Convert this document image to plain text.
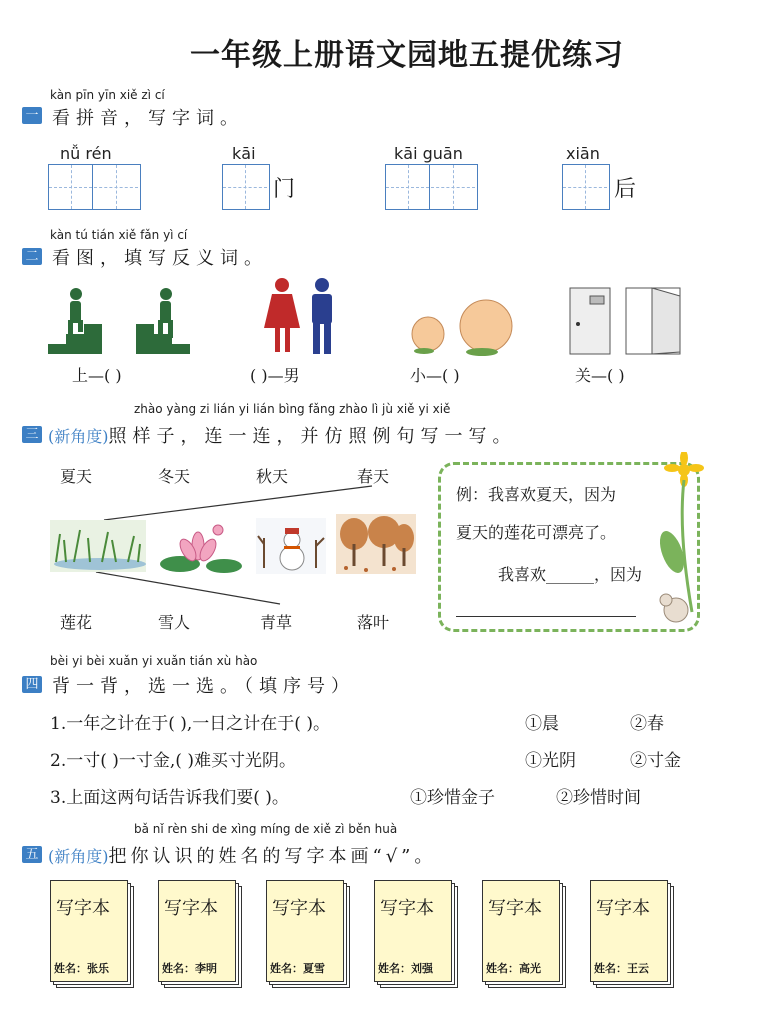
一年级上册语文园地五提优练习
kàn pīn yīn xiě zì cí
一 看拼音，写字词。
nǚ rén	kāi
门
kāi guān	xiān
后
kàn tú tián xiě fǎn yì cí
二 看图，填写反义词。
上—( )	( )—男	小—( )	关—( )
zhào yàng zi lián yi lián bìng fǎng zhào lì jù xiě yi xiě
三 (新角度)照样子，连一连，并仿照例句写一写。
夏天	冬天	秋天	春天
莲花	雪人	青草	落叶
例：我喜欢夏天，因为
夏天的莲花可漂亮了。
我喜欢______，因为
bèi yi bèi xuǎn yi xuǎn tián xù hào
四 背一背，选一选。（填序号）
1.一年之计在于( ),一日之计在于( )。	①晨	②春
2.一寸( )一寸金,( )难买寸光阴。	①光阴	②寸金
3.上面这两句话告诉我们要( )。	①珍惜金子	②珍惜时间
bǎ nǐ rèn shi de xìng míng de xiě zì běn huà
五 (新角度)把你认识的姓名的写字本画“√”。
写字本
姓名：张乐
写字本
姓名：李明
写字本
姓名：夏雪
写字本
姓名：刘强
写字本
姓名：高光
写字本
姓名：王云
